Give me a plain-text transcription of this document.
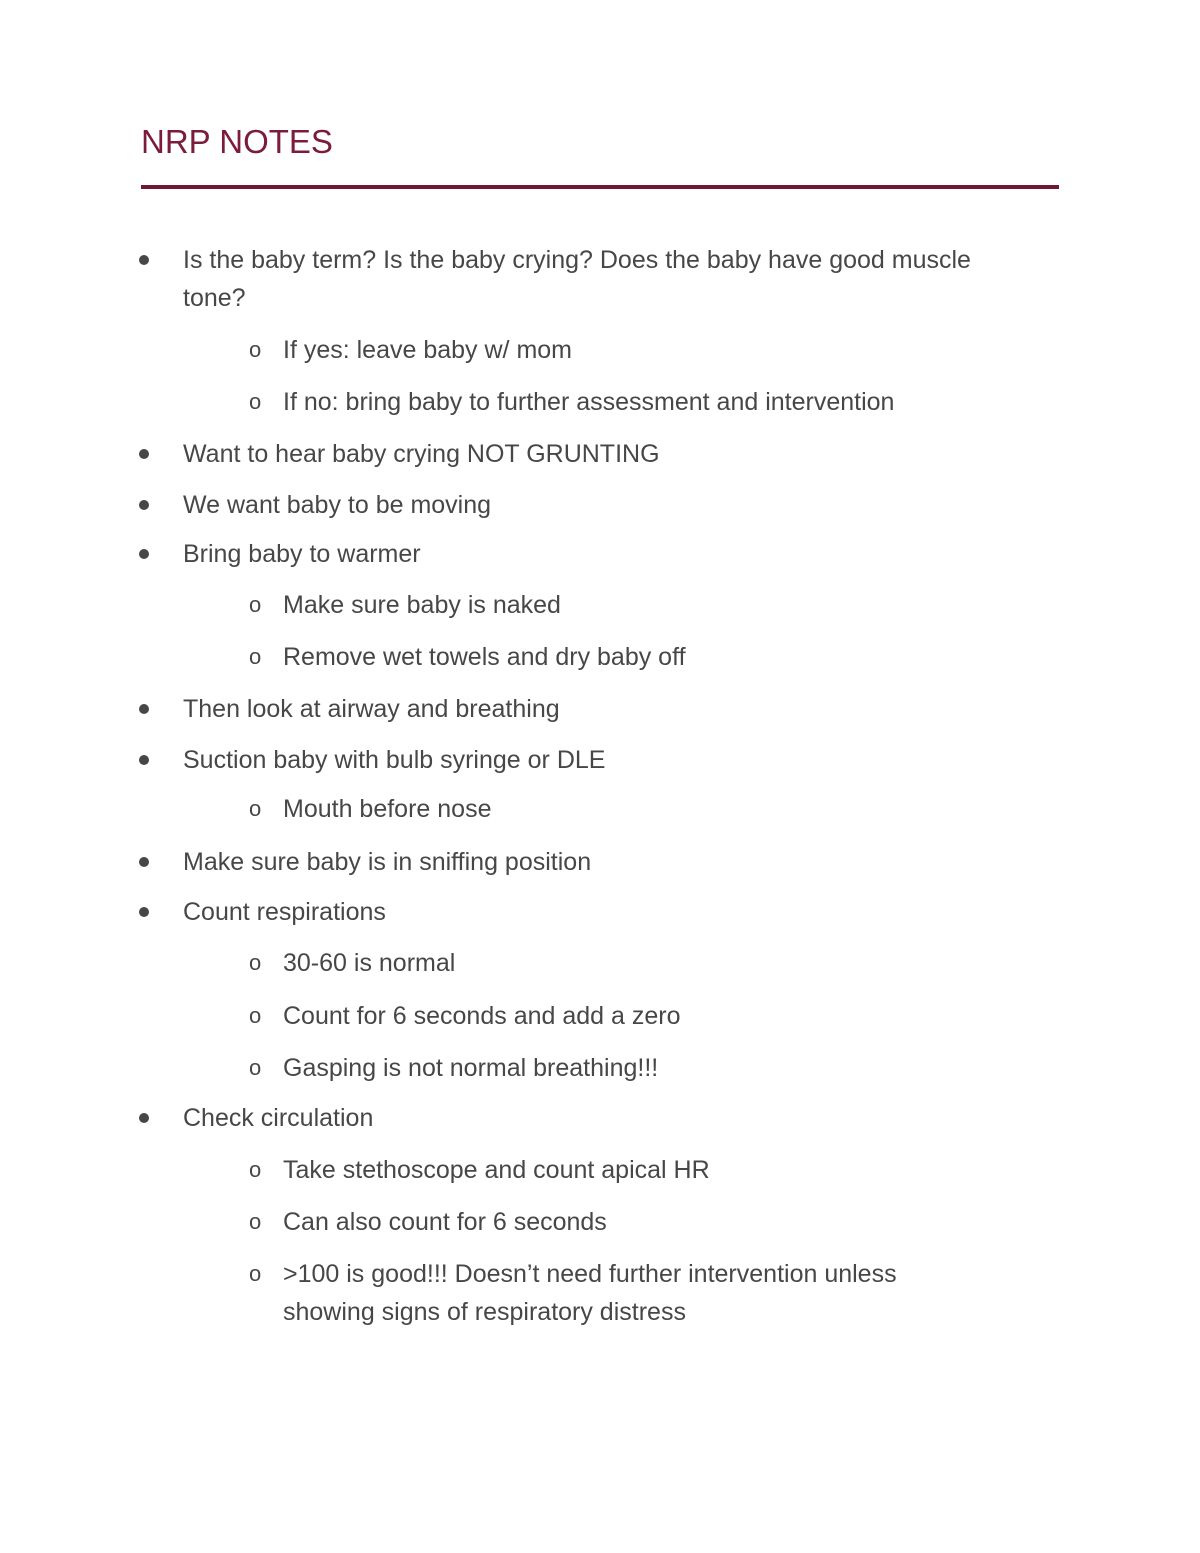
NRP NOTES
Is the baby term? Is the baby crying? Does the baby have good muscle
tone?
o If yes: leave baby w/ mom
o If no: bring baby to further assessment and intervention
Want to hear baby crying NOT GRUNTING
We want baby to be moving
Bring baby to warmer
o Make sure baby is naked
o Remove wet towels and dry baby off
Then look at airway and breathing
Suction baby with bulb syringe or DLE
o Mouth before nose
Make sure baby is in sniffing position
Count respirations
o 30-60 is normal
o Count for 6 seconds and add a zero
o Gasping is not normal breathing!!!
Check circulation
o Take stethoscope and count apical HR
o Can also count for 6 seconds
o >100 is good!!! Doesn’t need further intervention unless
showing signs of respiratory distress
